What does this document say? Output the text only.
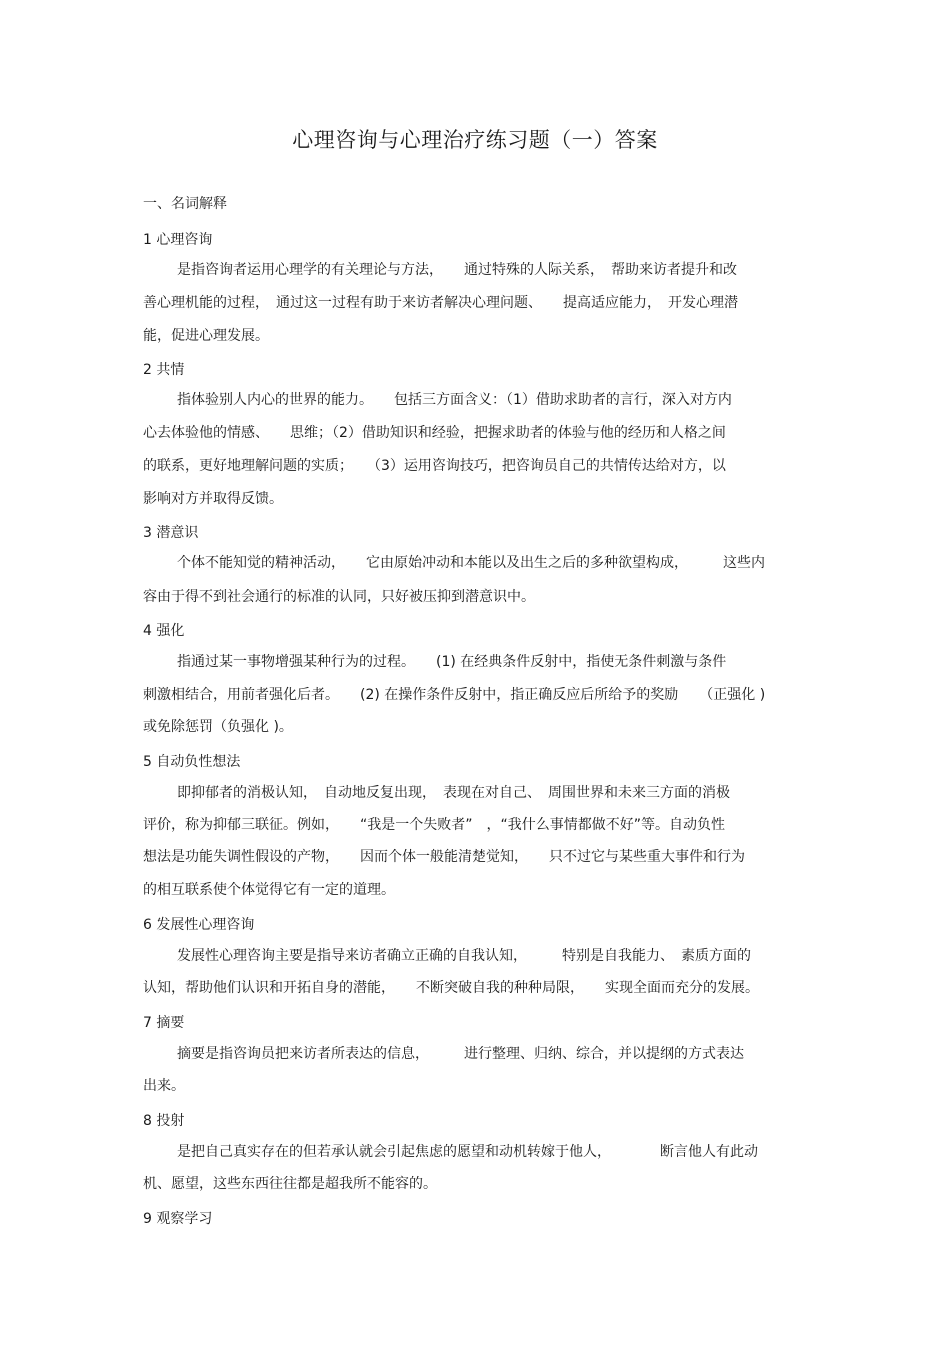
心理咨询与心理治疗练习题（一）答案
一、名词解释
1 心理咨询
是指咨询者运用心理学的有关理论与方法，　　通过特殊的人际关系，　帮助来访者提升和改
善心理机能的过程，　通过这一过程有助于来访者解决心理问题、　　提高适应能力，　开发心理潜
能，促进心理发展。
2 共情
指体验别人内心的世界的能力。　　包括三方面含义：（1）借助求助者的言行，深入对方内
心去体验他的情感、　　思维；（2）借助知识和经验，把握求助者的体验与他的经历和人格之间
的联系，更好地理解问题的实质；　　（3）运用咨询技巧，把咨询员自己的共情传达给对方，以
影响对方并取得反馈。
3 潜意识
个体不能知觉的精神活动，　　它由原始冲动和本能以及出生之后的多种欲望构成，　　　这些内
容由于得不到社会通行的标准的认同，只好被压抑到潜意识中。
4 强化
指通过某一事物增强某种行为的过程。　　(1) 在经典条件反射中，指使无条件刺激与条件
刺激相结合，用前者强化后者。　　(2) 在操作条件反射中，指正确反应后所给予的奖励　　（正强化 )
或免除惩罚（负强化 )。
5 自动负性想法
即抑郁者的消极认知，　自动地反复出现，　表现在对自己、　周围世界和未来三方面的消极
评价，称为抑郁三联征。例如，　　“我是一个失败者”　，“我什么事情都做不好”等。自动负性
想法是功能失调性假设的产物，　　因而个体一般能清楚觉知，　　只不过它与某些重大事件和行为
的相互联系使个体觉得它有一定的道理。
6 发展性心理咨询
发展性心理咨询主要是指导来访者确立正确的自我认知，　　　特别是自我能力、　素质方面的
认知，帮助他们认识和开拓自身的潜能，　　不断突破自我的种种局限，　　实现全面而充分的发展。
7 摘要
摘要是指咨询员把来访者所表达的信息，　　　进行整理、归纳、综合，并以提纲的方式表达
出来。
8 投射
是把自己真实存在的但若承认就会引起焦虑的愿望和动机转嫁于他人，　　　　断言他人有此动
机、愿望，这些东西往往都是超我所不能容的。
9 观察学习
